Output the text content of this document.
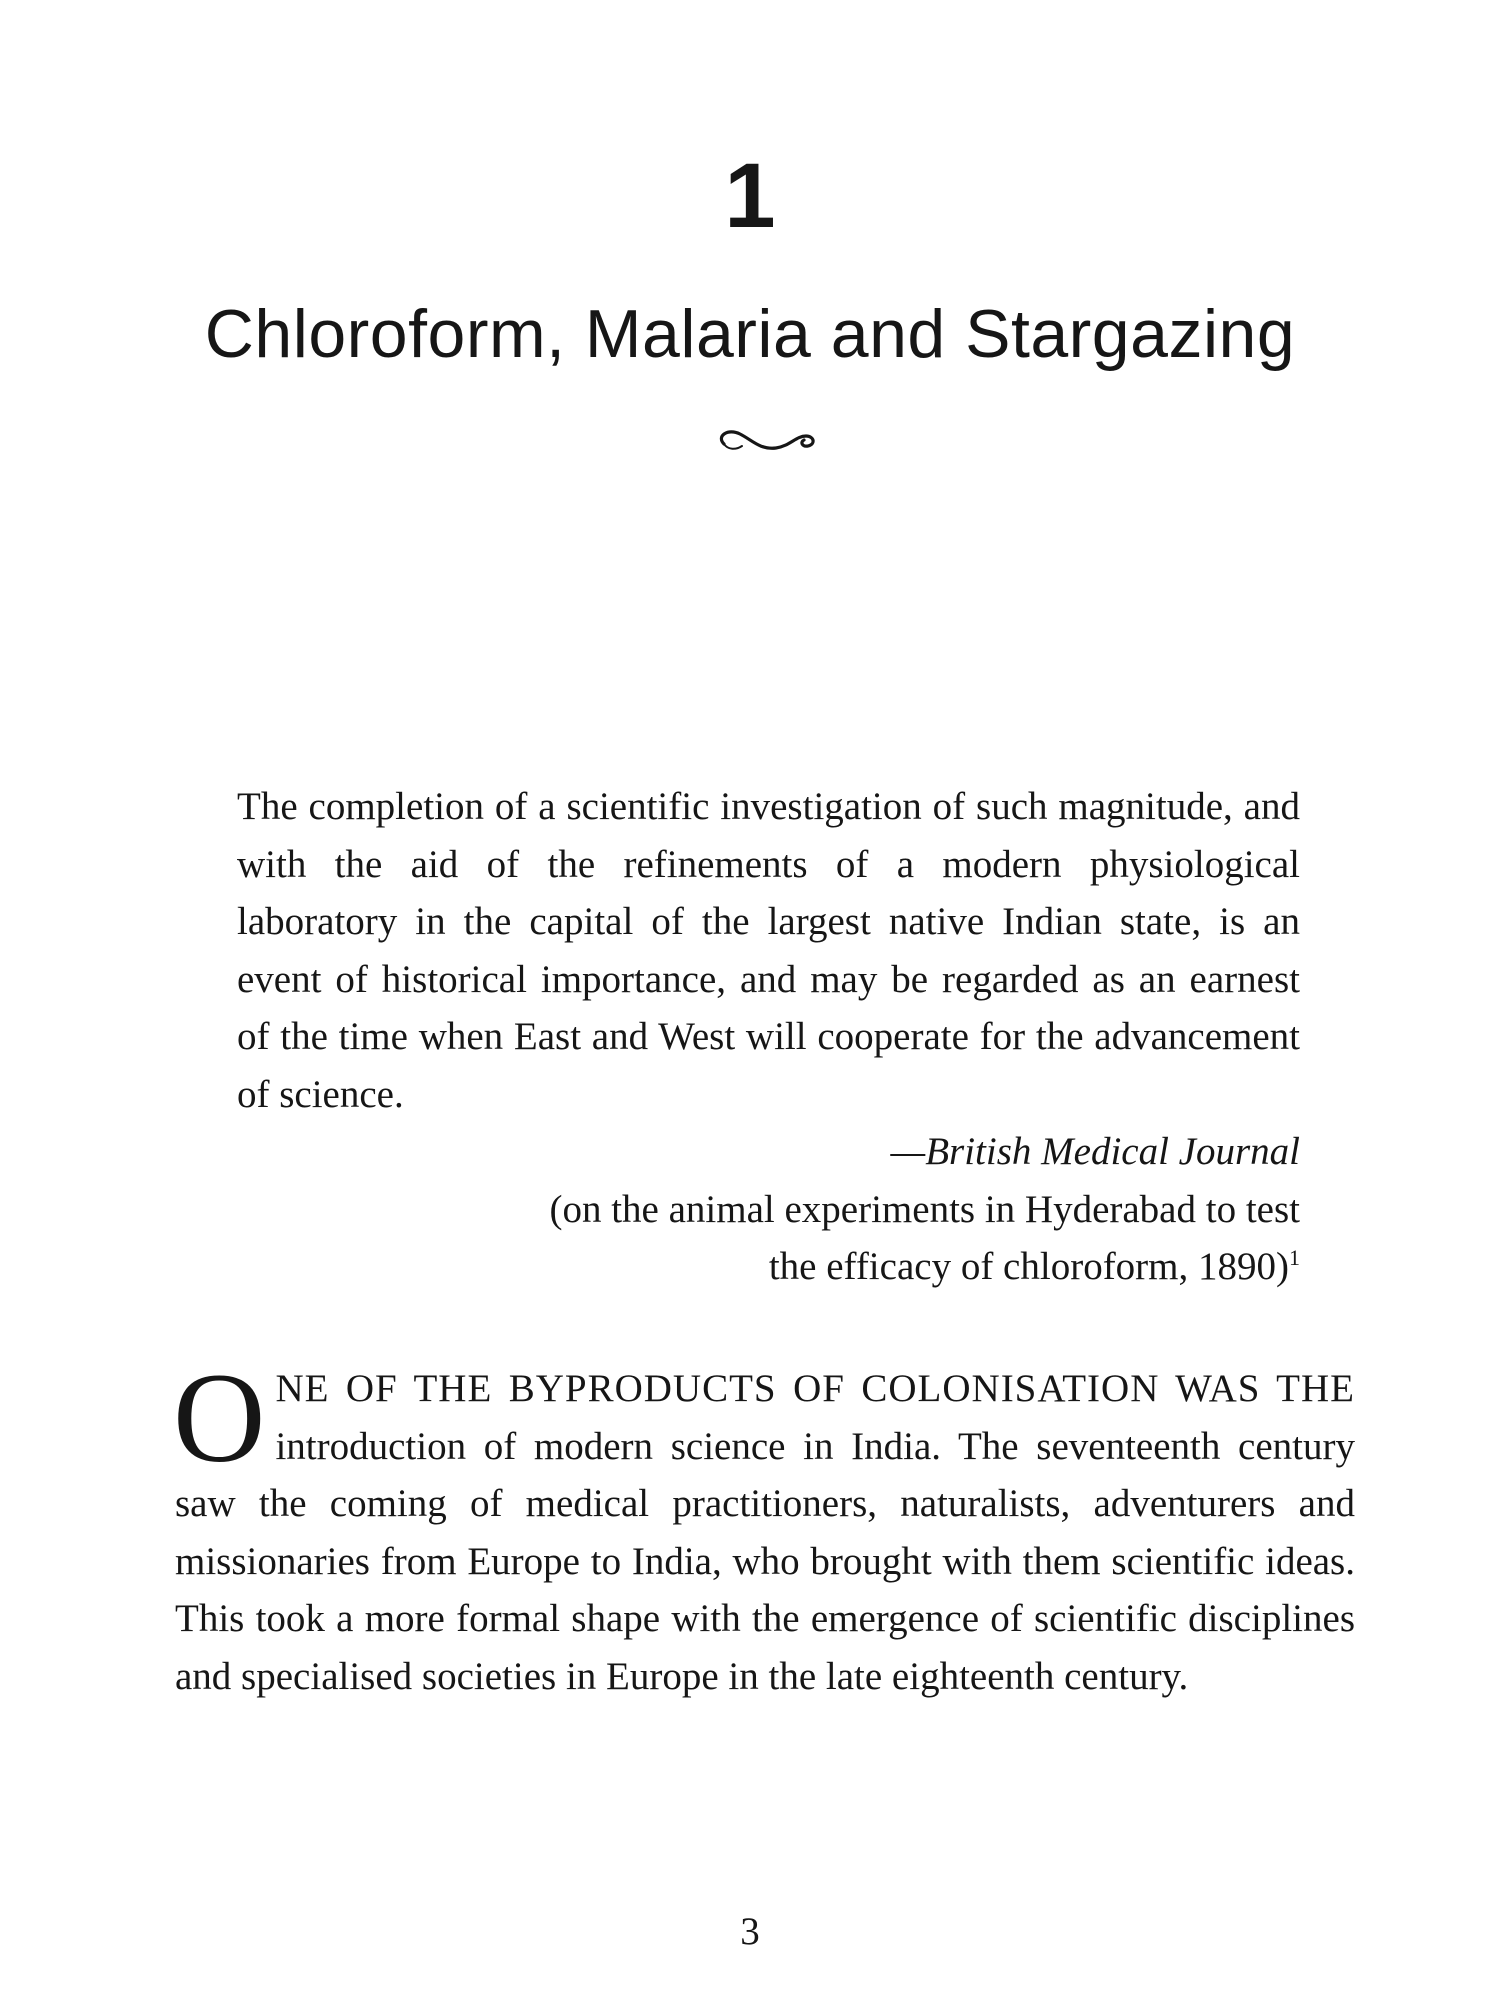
1
Chloroform, Malaria and Stargazing

The completion of a scientific investigation of such magnitude, and with the aid of the refinements of a modern physiological laboratory in the capital of the largest native Indian state, is an event of historical importance, and may be regarded as an earnest of the time when East and West will cooperate for the advancement of science.

—British Medical Journal

(on the animal experiments in Hyderabad to test

the efficacy of chloroform, 1890)$^1$

ONE OF THE BYPRODUCTS OF COLONISATION WAS THE introduction of modern science in India. The seventeenth century saw the coming of medical practitioners, naturalists, adventurers and missionaries from Europe to India, who brought with them scientific ideas. This took a more formal shape with the emergence of scientific disciplines and specialised societies in Europe in the late eighteenth century.

3
